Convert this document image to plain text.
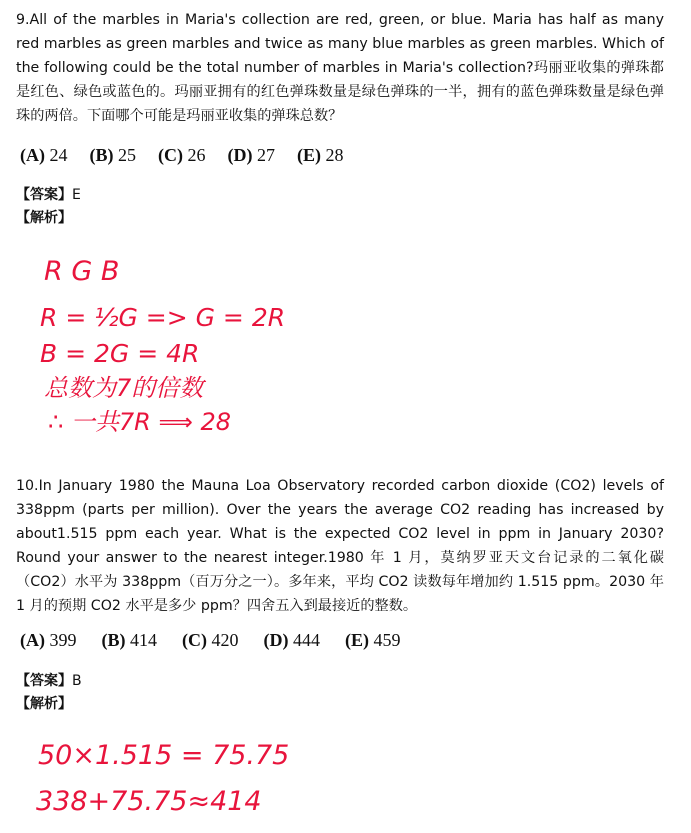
9.All of the marbles in Maria's collection are red, green, or blue. Maria has half as many red marbles as green marbles and twice as many blue marbles as green marbles. Which of the following could be the total number of marbles in Maria's collection?玛丽亚收集的弹珠都是红色、绿色或蓝色的。玛丽亚拥有的红色弹珠数量是绿色弹珠的一半，拥有的蓝色弹珠数量是绿色弹珠的两倍。下面哪个可能是玛丽亚收集的弹珠总数？

(A) 24 (B) 25 (C) 26 (D) 27 (E) 28
【答案】E
【解析】
R G B
R = ½G => G = 2R
B = 2G = 4R
总数为7的倍数
∴ 一共7R ⟹ 28

10.In January 1980 the Mauna Loa Observatory recorded carbon dioxide (CO2) levels of 338ppm (parts per million). Over the years the average CO2 reading has increased by about1.515 ppm each year. What is the expected CO2 level in ppm in January 2030? Round your answer to the nearest integer.1980 年 1 月，莫纳罗亚天文台记录的二氧化碳（CO2）水平为 338ppm（百万分之一）。多年来，平均 CO2 读数每年增加约 1.515 ppm。2030 年 1 月的预期 CO2 水平是多少 ppm？四舍五入到最接近的整数。

(A) 399 (B) 414 (C) 420 (D) 444 (E) 459
【答案】B
【解析】
50×1.515 = 75.75
338+75.75≈414
